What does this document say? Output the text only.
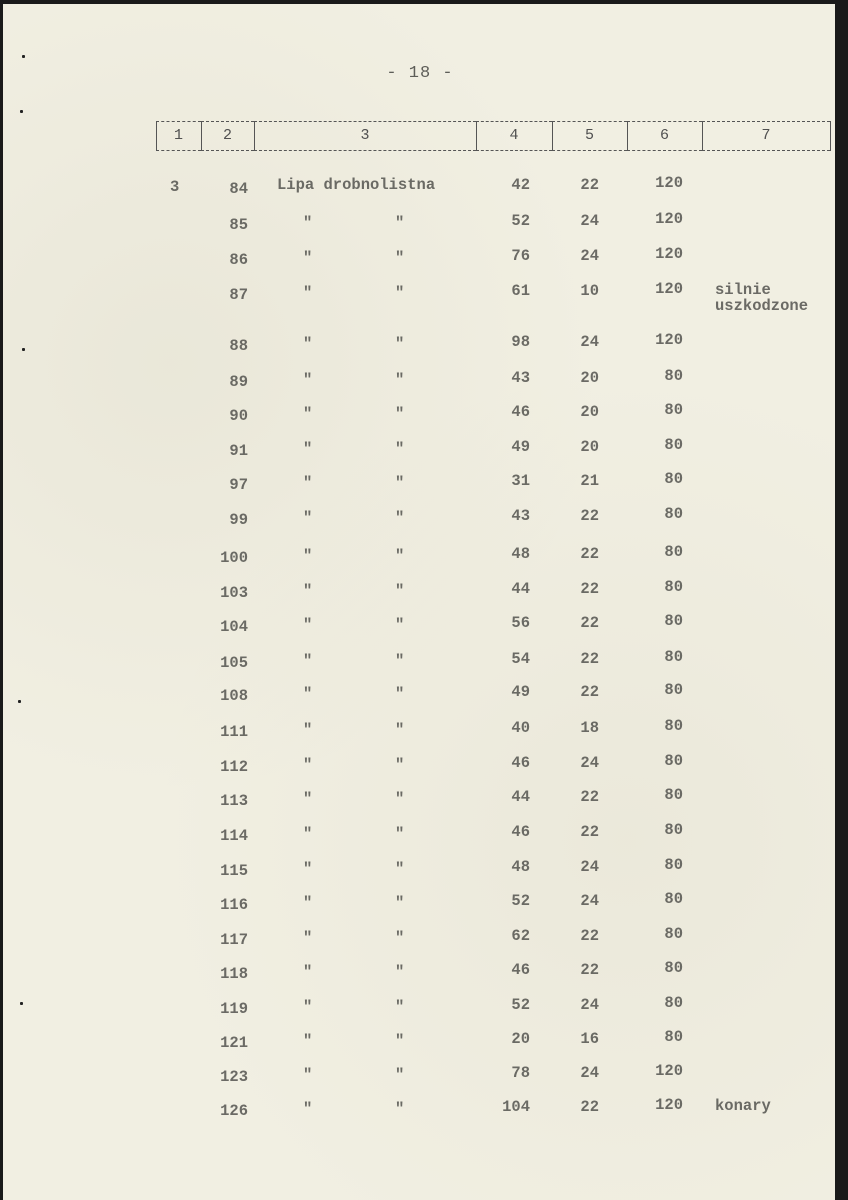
- 18 -
1	2	3	4	5	6	7
3	84 Lipa drobnolistna	42	22	120
85	"	"	52	24	120
86	"	"	76	24	120
87	"	"	61	10	120 silnie
uszkodzone
88	"	"	98	24	120
89	"	"	43	20	80
90	"	"	46	20	80
91	"	"	49	20	80
97	"	"	31	21	80
99	"	"	43	22	80
100	"	"	48	22	80
103	"	"	44	22	80
104	"	"	56	22	80
105	"	"	54	22	80
108	"	"	49	22	80
111	"	"	40	18	80
112	"	"	46	24	80
113	"	"	44	22	80
114	"	"	46	22	80
115	"	"	48	24	80
116	"	"	52	24	80
117	"	"	62	22	80
118	"	"	46	22	80
119	"	"	52	24	80
121	"	"	20	16	80
123	"	"	78	24	120
126	"	"	104	22	120 konary
